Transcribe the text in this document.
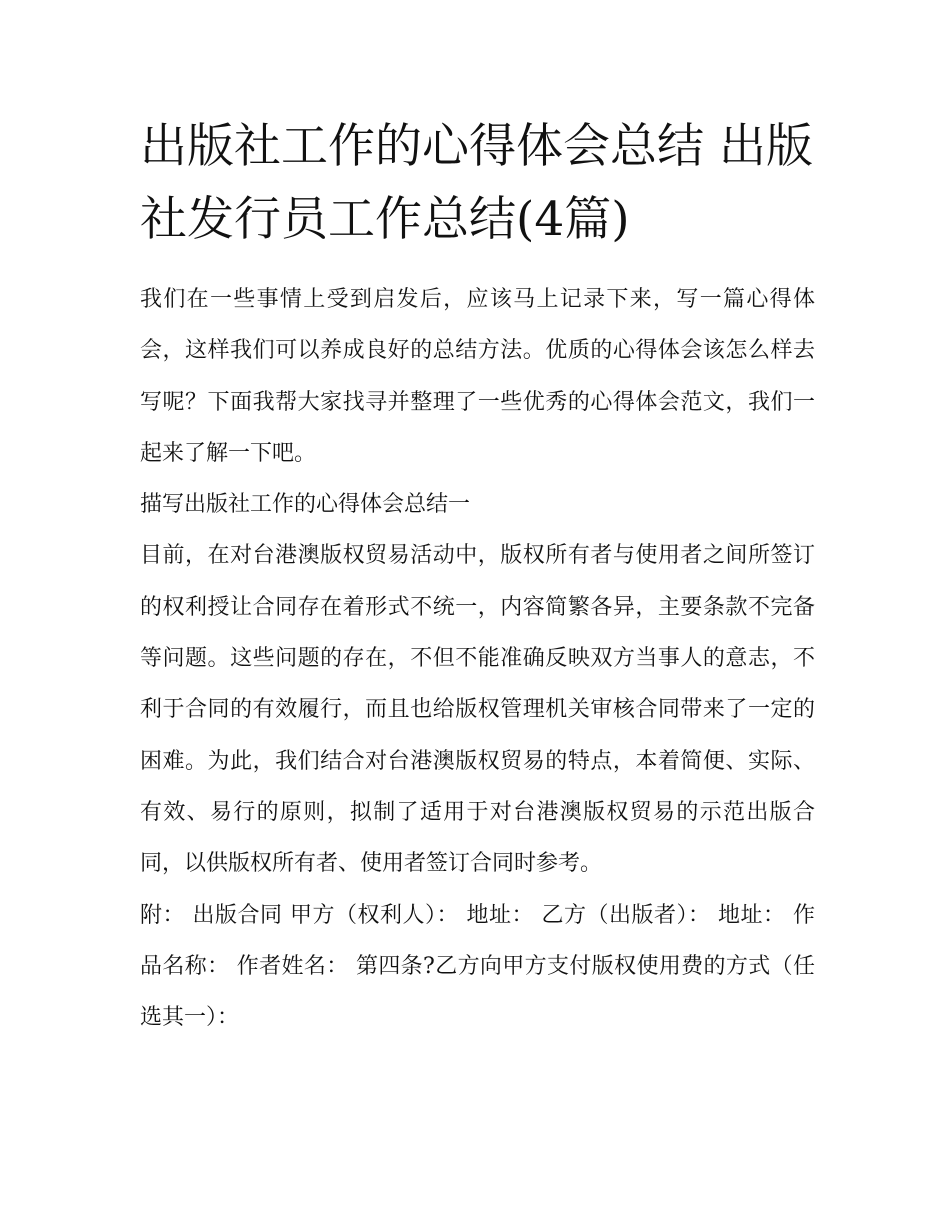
出版社工作的心得体会总结 出版社发行员工作总结(4篇)

我们在一些事情上受到启发后，应该马上记录下来，写一篇心得体会，这样我们可以养成良好的总结方法。优质的心得体会该怎么样去写呢？下面我帮大家找寻并整理了一些优秀的心得体会范文，我们一起来了解一下吧。

描写出版社工作的心得体会总结一

目前，在对台港澳版权贸易活动中，版权所有者与使用者之间所签订的权利授让合同存在着形式不统一，内容简繁各异，主要条款不完备等问题。这些问题的存在，不但不能准确反映双方当事人的意志，不利于合同的有效履行，而且也给版权管理机关审核合同带来了一定的困难。为此，我们结合对台港澳版权贸易的特点，本着简便、实际、有效、易行的原则，拟制了适用于对台港澳版权贸易的示范出版合同，以供版权所有者、使用者签订合同时参考。

附： 出版合同 甲方（权利人）： 地址： 乙方（出版者）： 地址： 作品名称： 作者姓名： 第四条?乙方向甲方支付版权使用费的方式（任选其一）：
